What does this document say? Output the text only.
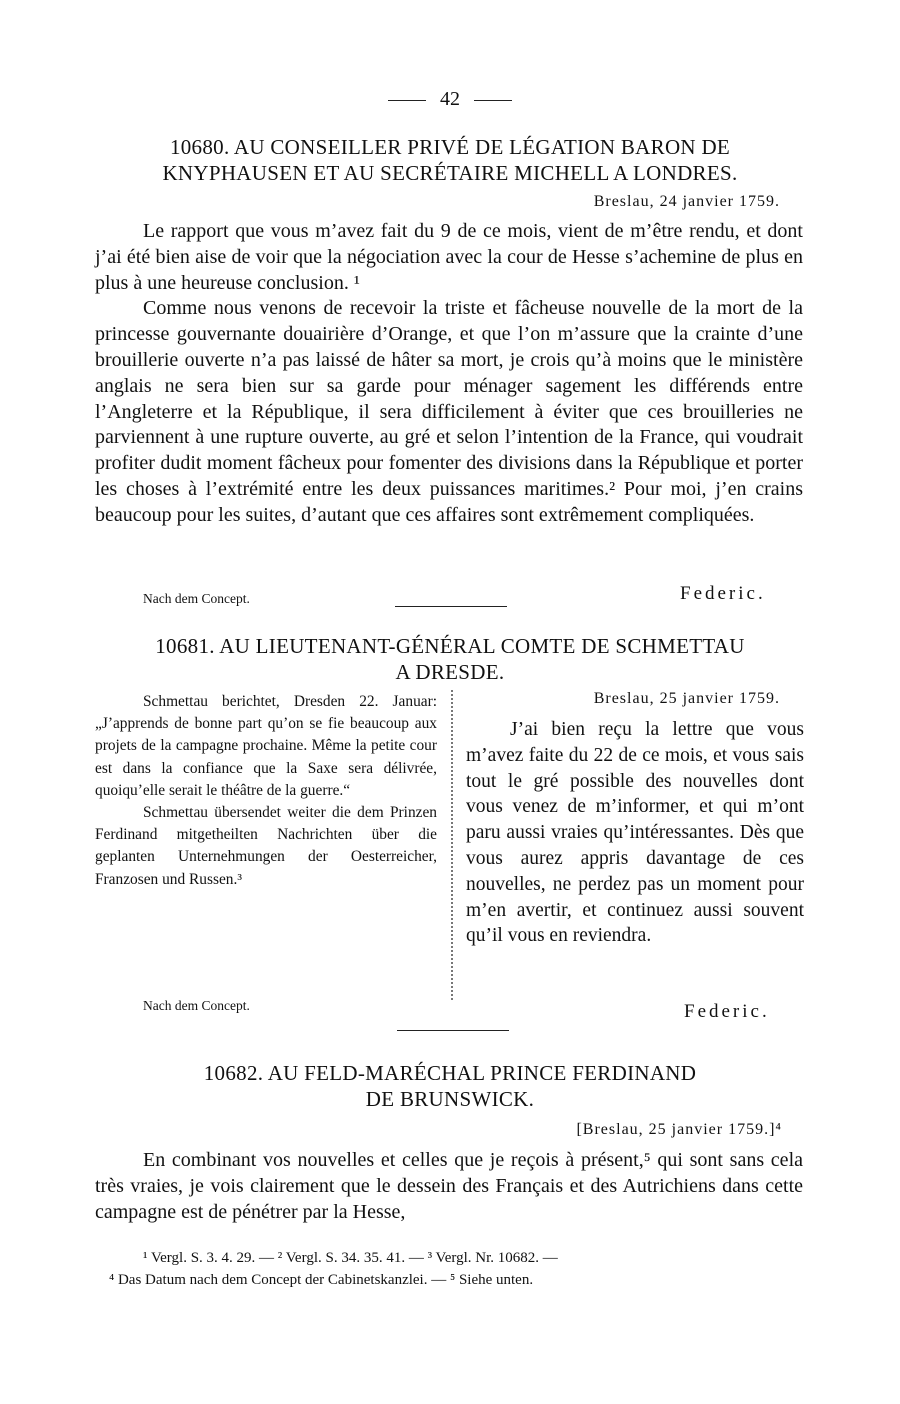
42
10680. AU CONSEILLER PRIVÉ DE LÉGATION BARON DE
KNYPHAUSEN ET AU SECRÉTAIRE MICHELL A LONDRES.
Breslau, 24 janvier 1759.

Le rapport que vous m’avez fait du 9 de ce mois, vient de m’être rendu, et dont j’ai été bien aise de voir que la négociation avec la cour de Hesse s’achemine de plus en plus à une heureuse conclusion. ¹

Comme nous venons de recevoir la triste et fâcheuse nouvelle de la mort de la princesse gouvernante douairière d’Orange, et que l’on m’assure que la crainte d’une brouillerie ouverte n’a pas laissé de hâter sa mort, je crois qu’à moins que le ministère anglais ne sera bien sur sa garde pour ménager sagement les différends entre l’Angleterre et la République, il sera difficilement à éviter que ces brouilleries ne parviennent à une rupture ouverte, au gré et selon l’intention de la France, qui voudrait profiter dudit moment fâcheux pour fomenter des divisions dans la République et porter les choses à l’extrémité entre les deux puissances maritimes.² Pour moi, j’en crains beaucoup pour les suites, d’autant que ces affaires sont extrêmement compliquées.

Nach dem Concept.	Federic.
10681. AU LIEUTENANT-GÉNÉRAL COMTE DE SCHMETTAU
A DRESDE.

Schmettau berichtet, Dresden 22. Januar: „J’apprends de bonne part qu’on se fie beaucoup aux projets de la campagne prochaine. Même la petite cour est dans la confiance que la Saxe sera délivrée, quoiqu’elle serait le théâtre de la guerre.“

Schmettau übersendet weiter die dem Prinzen Ferdinand mitgetheilten Nachrichten über die geplanten Unternehmungen der Oesterreicher, Franzosen und Russen.³

Breslau, 25 janvier 1759.

J’ai bien reçu la lettre que vous m’avez faite du 22 de ce mois, et vous sais tout le gré possible des nouvelles dont vous venez de m’informer, et qui m’ont paru aussi vraies qu’intéressantes. Dès que vous aurez appris davantage de ces nouvelles, ne perdez pas un moment pour m’en avertir, et continuez aussi souvent qu’il vous en reviendra.

Nach dem Concept.	Federic.
10682. AU FELD-MARÉCHAL PRINCE FERDINAND
DE BRUNSWICK.
[Breslau, 25 janvier 1759.]⁴

En combinant vos nouvelles et celles que je reçois à présent,⁵ qui sont sans cela très vraies, je vois clairement que le dessein des Français et des Autrichiens dans cette campagne est de pénétrer par la Hesse,

¹ Vergl. S. 3. 4. 29. — ² Vergl. S. 34. 35. 41. — ³ Vergl. Nr. 10682. —
⁴ Das Datum nach dem Concept der Cabinetskanzlei. — ⁵ Siehe unten.
